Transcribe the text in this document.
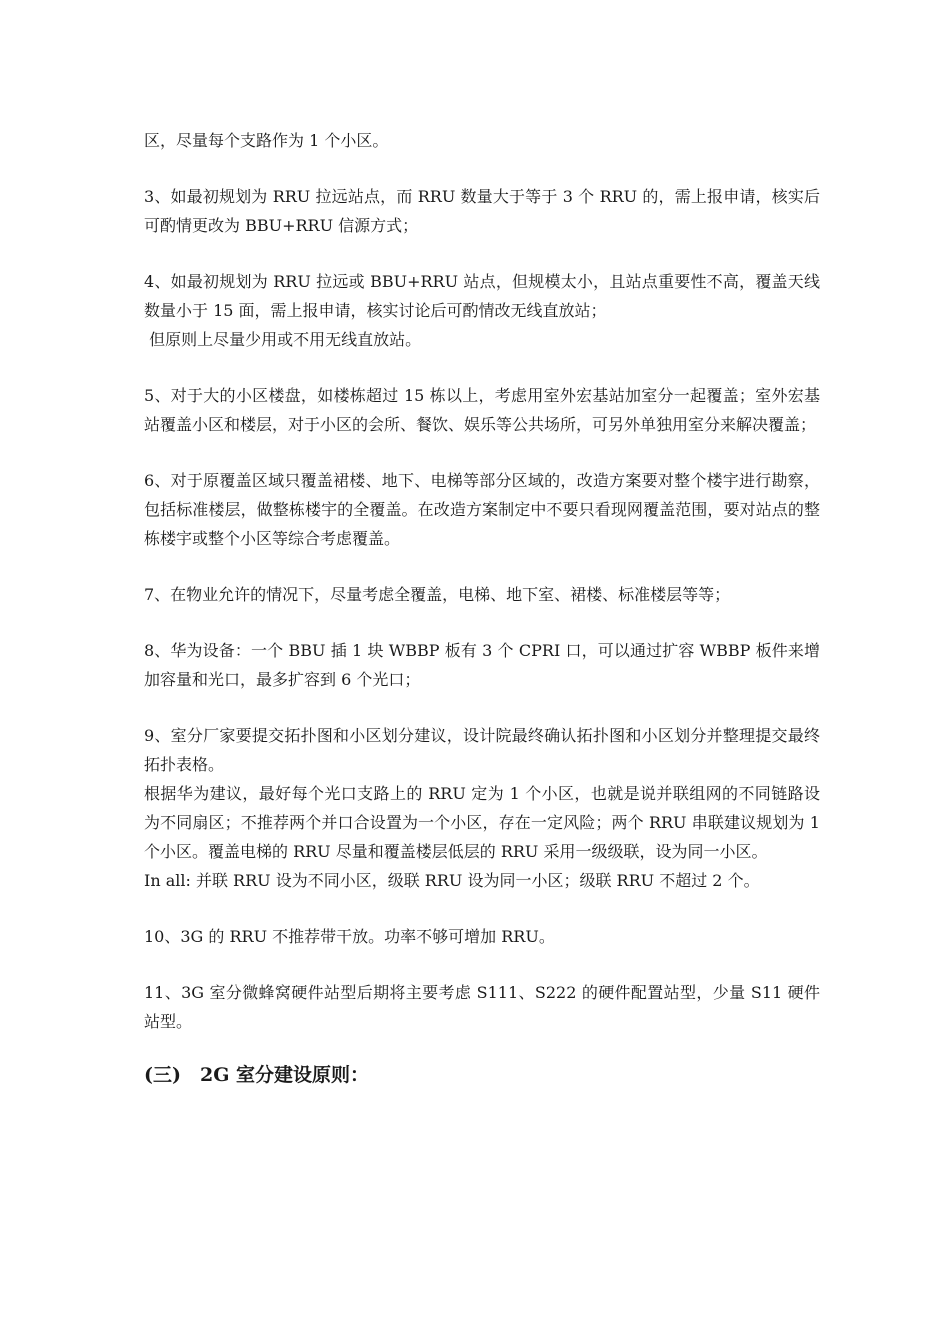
区，尽量每个支路作为 1 个小区。

3、如最初规划为 RRU 拉远站点，而 RRU 数量大于等于 3 个 RRU 的，需上报申请，核实后可酌情更改为 BBU+RRU 信源方式；

4、如最初规划为 RRU 拉远或 BBU+RRU 站点，但规模太小，且站点重要性不高，覆盖天线数量小于 15 面，需上报申请，核实讨论后可酌情改无线直放站；

但原则上尽量少用或不用无线直放站。

5、对于大的小区楼盘，如楼栋超过 15 栋以上，考虑用室外宏基站加室分一起覆盖；室外宏基站覆盖小区和楼层，对于小区的会所、餐饮、娱乐等公共场所，可另外单独用室分来解决覆盖；

6、对于原覆盖区域只覆盖裙楼、地下、电梯等部分区域的，改造方案要对整个楼宇进行勘察，包括标准楼层，做整栋楼宇的全覆盖。在改造方案制定中不要只看现网覆盖范围，要对站点的整栋楼宇或整个小区等综合考虑覆盖。

7、在物业允许的情况下，尽量考虑全覆盖，电梯、地下室、裙楼、标准楼层等等；

8、华为设备：一个 BBU 插 1 块 WBBP 板有 3 个 CPRI 口，可以通过扩容 WBBP 板件来增加容量和光口，最多扩容到 6 个光口；

9、室分厂家要提交拓扑图和小区划分建议，设计院最终确认拓扑图和小区划分并整理提交最终拓扑表格。

根据华为建议，最好每个光口支路上的 RRU 定为 1 个小区，也就是说并联组网的不同链路设为不同扇区；不推荐两个并口合设置为一个小区，存在一定风险；两个 RRU 串联建议规划为 1 个小区。覆盖电梯的 RRU 尽量和覆盖楼层低层的 RRU 采用一级级联，设为同一小区。

In all: 并联 RRU 设为不同小区，级联 RRU 设为同一小区；级联 RRU 不超过 2 个。

10、3G 的 RRU 不推荐带干放。功率不够可增加 RRU。

11、3G 室分微蜂窝硬件站型后期将主要考虑 S111、S222 的硬件配置站型，少量 S11 硬件站型。

(三) 2G 室分建设原则：
